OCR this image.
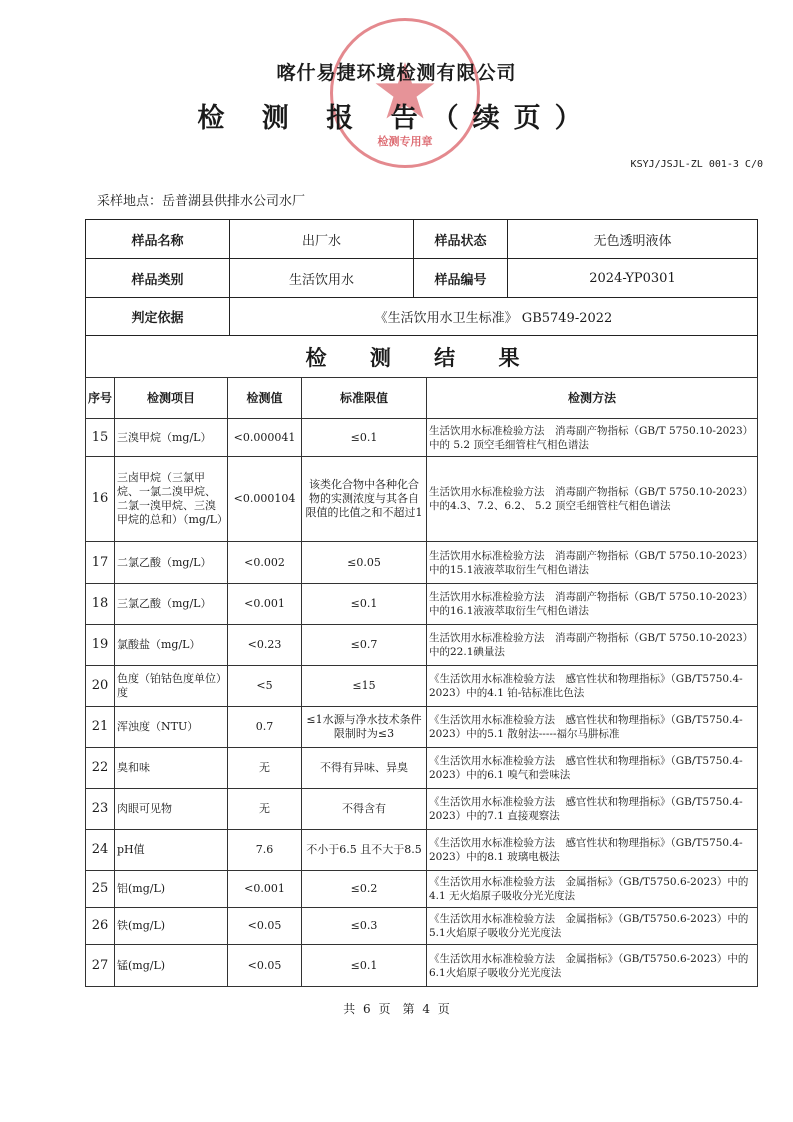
检测专用章
喀什易捷环境检测有限公司
检 测 报 告（续页）
KSYJ/JSJL-ZL 001-3 C/0
采样地点：岳普湖县供排水公司水厂
样品名称	出厂水	样品状态	无色透明液体
样品类别	生活饮用水	样品编号	2024-YP0301
判定依据	《生活饮用水卫生标准》 GB5749-2022		
检 测 结 果			
序号	检测项目	检测值	标准限值	检测方法
15	三溴甲烷（mg/L）	<0.000041	≤0.1	生活饮用水标准检验方法　消毒副产物指标（GB/T 5750.10-2023）中的 5.2 顶空毛细管柱气相色谱法
16	三卤甲烷（三氯甲烷、一氯二溴甲烷、二氯一溴甲烷、三溴甲烷的总和）（mg/L）	<0.000104	该类化合物中各种化合物的实测浓度与其各自限值的比值之和不超过1	生活饮用水标准检验方法　消毒副产物指标（GB/T 5750.10-2023）中的4.3、7.2、6.2、 5.2 顶空毛细管柱气相色谱法
17	二氯乙酸（mg/L）	<0.002	≤0.05	生活饮用水标准检验方法　消毒副产物指标（GB/T 5750.10-2023）中的15.1液液萃取衍生气相色谱法
18	三氯乙酸（mg/L）	<0.001	≤0.1	生活饮用水标准检验方法　消毒副产物指标（GB/T 5750.10-2023）中的16.1液液萃取衍生气相色谱法
19	氯酸盐（mg/L）	<0.23	≤0.7	生活饮用水标准检验方法　消毒副产物指标（GB/T 5750.10-2023）中的22.1碘量法
20	色度（铂钴色度单位）度	<5	≤15	《生活饮用水标准检验方法　感官性状和物理指标》（GB/T5750.4-2023）中的4.1 铂-钴标准比色法
21	浑浊度（NTU）	0.7	≤1水源与净水技术条件限制时为≤3	《生活饮用水标准检验方法　感官性状和物理指标》（GB/T5750.4-2023）中的5.1 散射法-----福尔马肼标准
22	臭和味	无	不得有异味、异臭	《生活饮用水标准检验方法　感官性状和物理指标》（GB/T5750.4-2023）中的6.1 嗅气和尝味法
23	肉眼可见物	无	不得含有	《生活饮用水标准检验方法　感官性状和物理指标》（GB/T5750.4-2023）中的7.1 直接观察法
24	pH值	7.6	不小于6.5 且不大于8.5	《生活饮用水标准检验方法　感官性状和物理指标》（GB/T5750.4-2023）中的8.1 玻璃电极法
25	铝(mg/L)	<0.001	≤0.2	《生活饮用水标准检验方法　金属指标》（GB/T5750.6-2023）中的4.1 无火焰原子吸收分光光度法
26	铁(mg/L)	<0.05	≤0.3	《生活饮用水标准检验方法　金属指标》（GB/T5750.6-2023）中的 5.1火焰原子吸收分光光度法
27	锰(mg/L)	<0.05	≤0.1	《生活饮用水标准检验方法　金属指标》（GB/T5750.6-2023）中的 6.1火焰原子吸收分光光度法
共 6 页　第 4 页
